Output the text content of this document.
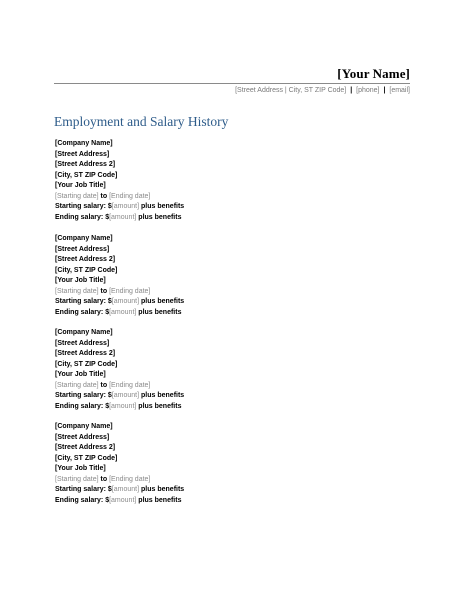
[Your Name]
[Street Address | City, ST ZIP Code] | [phone] | [email]
Employment and Salary History
[Company Name]
[Street Address]
[Street Address 2]
[City, ST ZIP Code]
[Your Job Title]
[Starting date] to [Ending date]
Starting salary: $[amount] plus benefits
Ending salary: $[amount] plus benefits
[Company Name]
[Street Address]
[Street Address 2]
[City, ST ZIP Code]
[Your Job Title]
[Starting date] to [Ending date]
Starting salary: $[amount] plus benefits
Ending salary: $[amount] plus benefits
[Company Name]
[Street Address]
[Street Address 2]
[City, ST ZIP Code]
[Your Job Title]
[Starting date] to [Ending date]
Starting salary: $[amount] plus benefits
Ending salary: $[amount] plus benefits
[Company Name]
[Street Address]
[Street Address 2]
[City, ST ZIP Code]
[Your Job Title]
[Starting date] to [Ending date]
Starting salary: $[amount] plus benefits
Ending salary: $[amount] plus benefits
